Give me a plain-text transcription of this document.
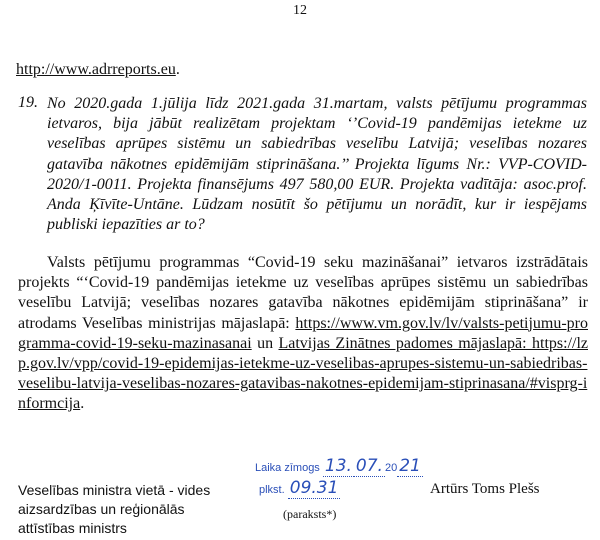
12
http://www.adrreports.eu.
19. No 2020.gada 1.jūlija līdz 2021.gada 31.martam, valsts pētījumu programmas ietvaros, bija jābūt realizētam projektam ‘’Covid-19 pandēmijas ietekme uz veselības aprūpes sistēmu un sabiedrības veselību Latvijā; veselības nozares gatavība nākotnes epidēmijām stiprināšana.’’ Projekta līgums Nr.: VVP-COVID-2020/1-0011. Projekta finansējums 497 580,00 EUR. Projekta vadītāja: asoc.prof. Anda Ķīvīte-Untāne. Lūdzam nosūtīt šo pētījumu un norādīt, kur ir iespējams publiski iepazīties ar to?
Valsts pētījumu programmas “Covid-19 seku mazināšanai” ietvaros izstrādātais projekts “‘Covid-19 pandēmijas ietekme uz veselības aprūpes sistēmu un sabiedrības veselību Latvijā; veselības nozares gatavība nākotnes epidēmijām stiprināšana” ir atrodams Veselības ministrijas mājaslapā: https://www.vm.gov.lv/lv/valsts-petijumu-programma-covid-19-seku-mazinasanai un Latvijas Zinātnes padomes mājaslapā: https://lzp.gov.lv/vpp/covid-19-epidemijas-ietekme-uz-veselibas-aprupes-sistemu-un-sabiedribas-veselibu-latvija-veselibas-nozares-gatavibas-nakotnes-epidemijam-stiprinasana/#visprg-informcija.
Veselības ministra vietā - vides
aizsardzības un reģionālās
attīstības ministrs
Laika zīmogs 13. 07. 20 21
plkst. 09.31
(paraksts*)
Artūrs Toms Plešs
